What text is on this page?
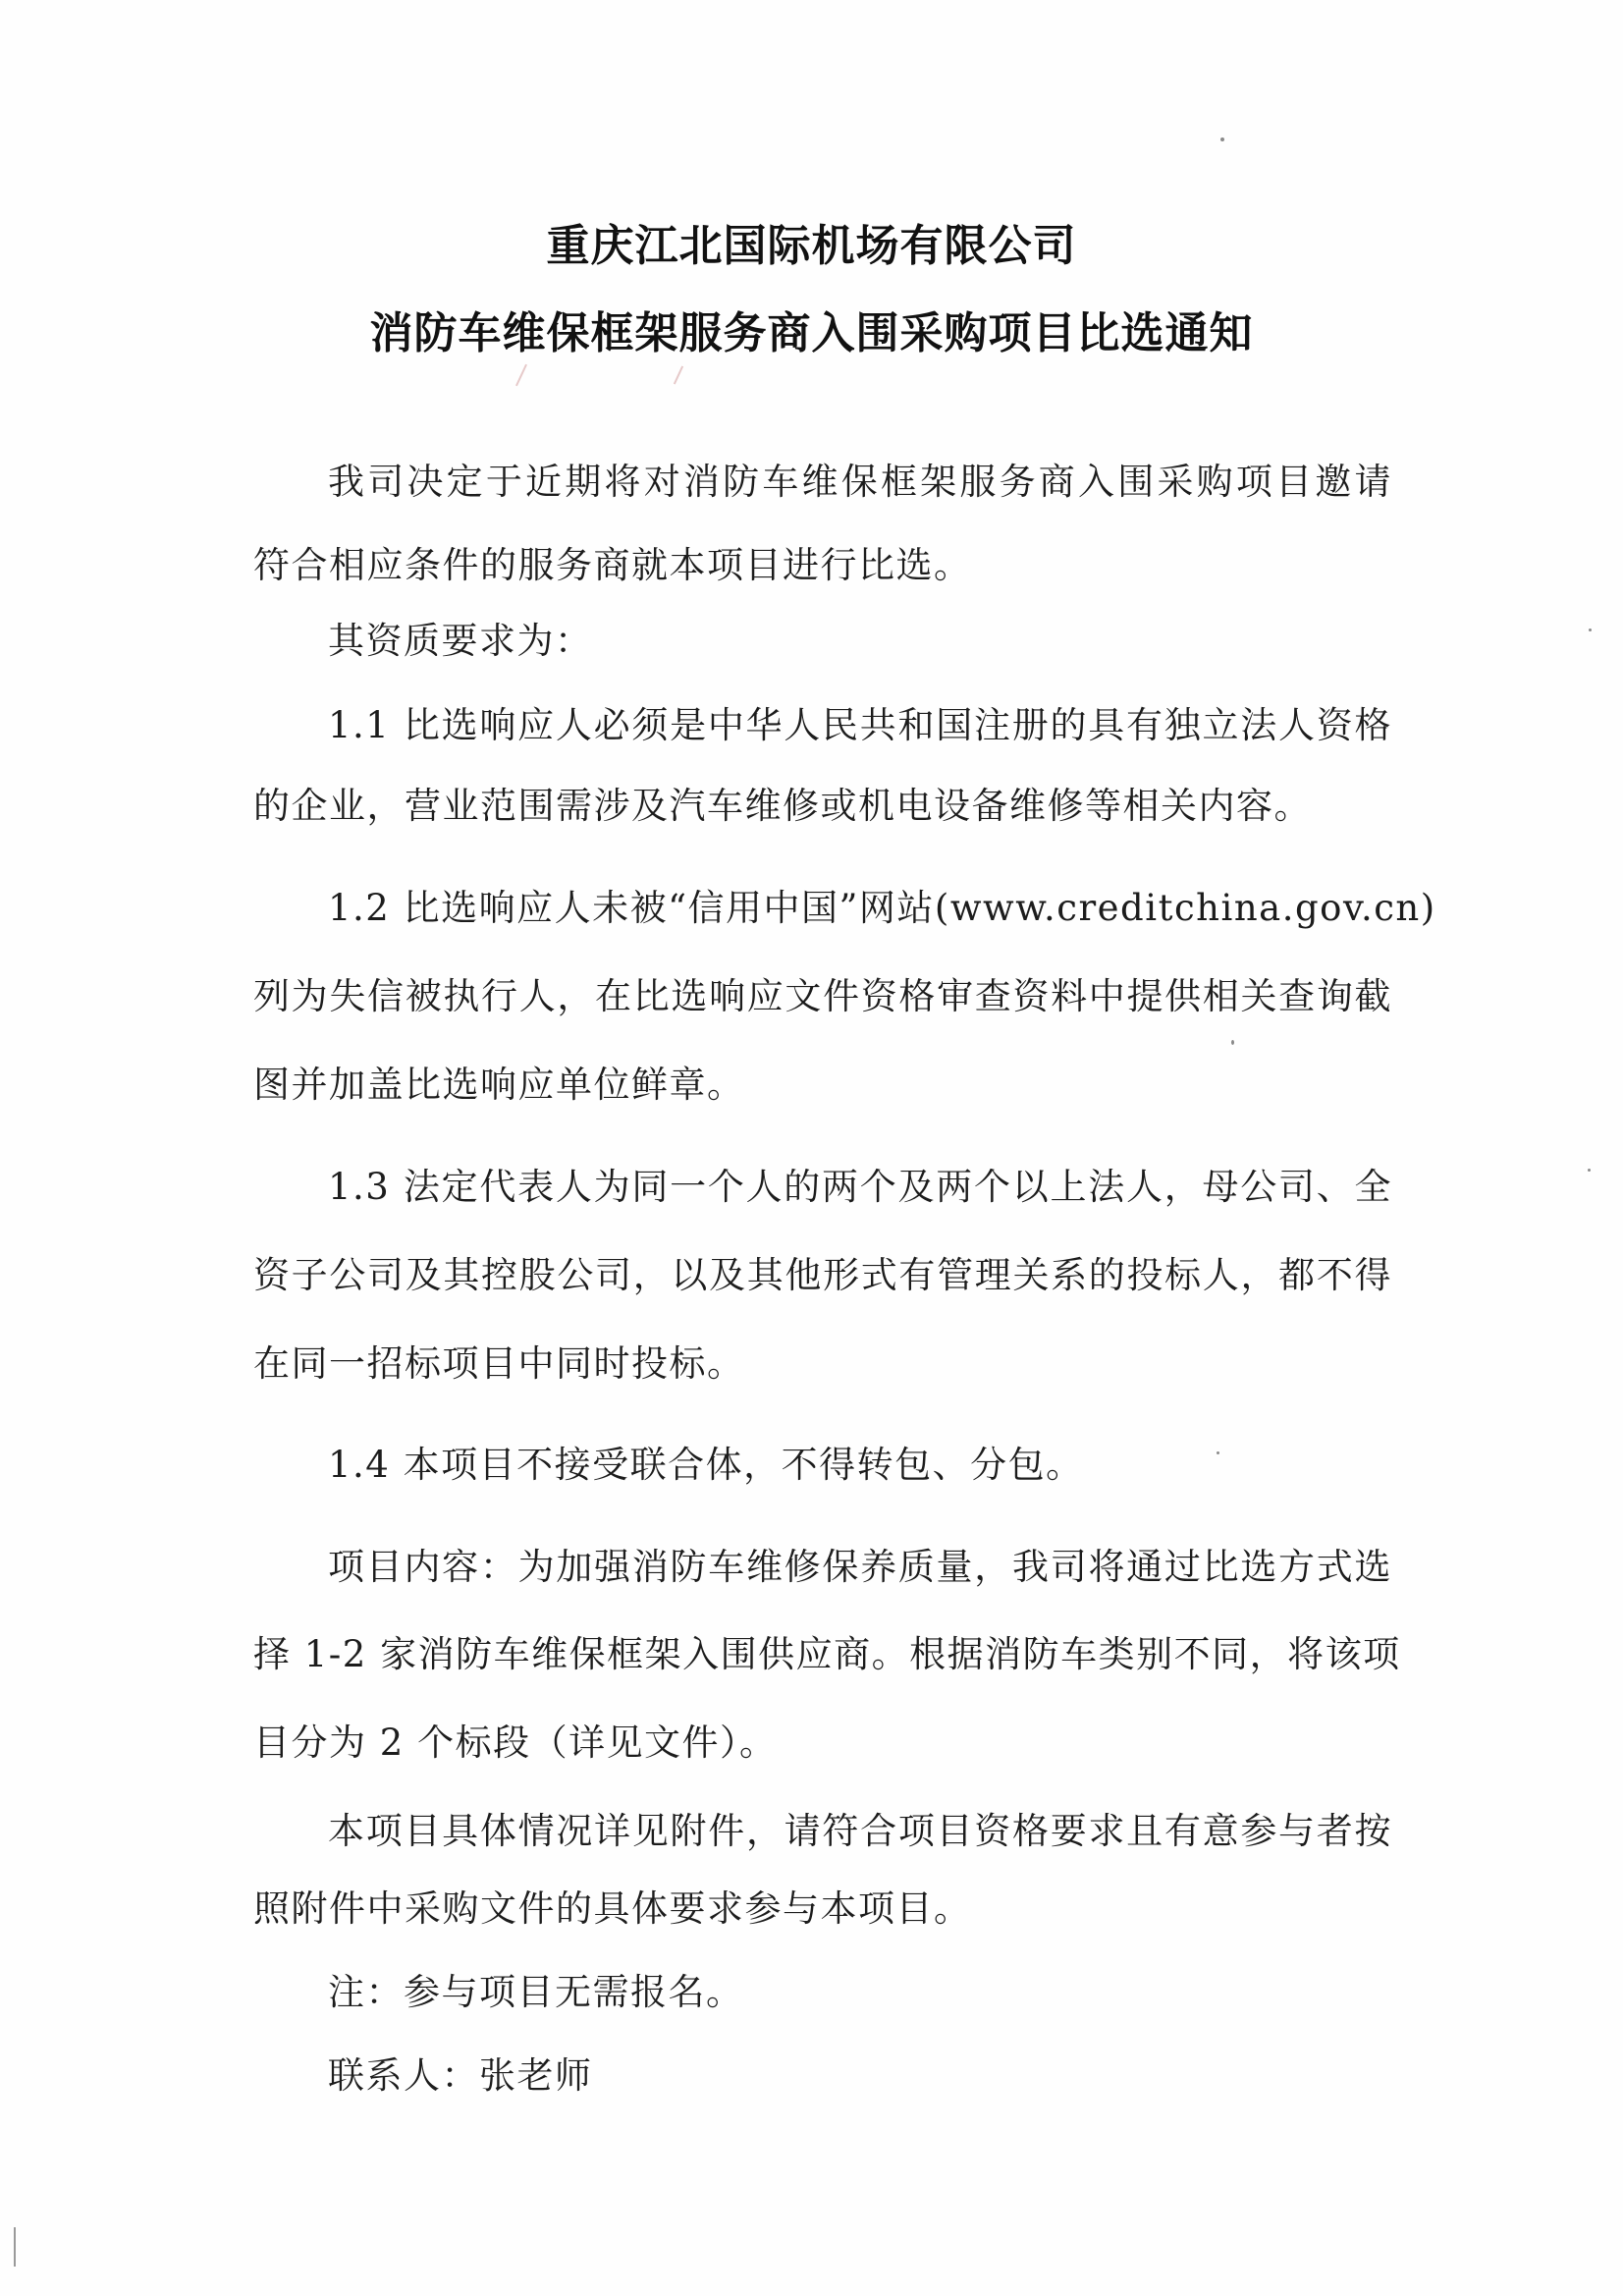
重庆江北国际机场有限公司
消防车维保框架服务商入围采购项目比选通知
我司决定于近期将对消防车维保框架服务商入围采购项目邀请
符合相应条件的服务商就本项目进行比选。
其资质要求为：
1.1 比选响应人必须是中华人民共和国注册的具有独立法人资格
的企业，营业范围需涉及汽车维修或机电设备维修等相关内容。
1.2 比选响应人未被“信用中国”网站(www.creditchina.gov.cn)
列为失信被执行人，在比选响应文件资格审查资料中提供相关查询截
图并加盖比选响应单位鲜章。
1.3 法定代表人为同一个人的两个及两个以上法人，母公司、全
资子公司及其控股公司，以及其他形式有管理关系的投标人，都不得
在同一招标项目中同时投标。
1.4 本项目不接受联合体，不得转包、分包。
项目内容：为加强消防车维修保养质量，我司将通过比选方式选
择 1-2 家消防车维保框架入围供应商。根据消防车类别不同，将该项
目分为 2 个标段（详见文件）。
本项目具体情况详见附件，请符合项目资格要求且有意参与者按
照附件中采购文件的具体要求参与本项目。
注：参与项目无需报名。
联系人：张老师
